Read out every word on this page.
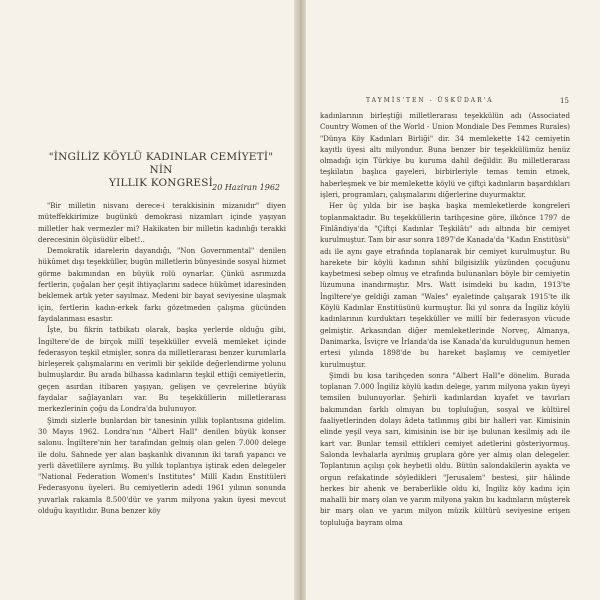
"İNGİLİZ KÖYLÜ KADINLAR CEMİYETİ" NİN
YILLIK KONGRESİ 20 Haziran 1962

"Bir milletin nisvanı derece-i terakkisinin mizanıdır" diyen müteffekkirimize bugünkü demokrasi nizamları içinde yaşıyan milletler hak vermezler mi? Hakikaten bir milletin kadınlığı terakki derecesinin ölçüsüdür elbet!..

Demokratik idarelerin dayandığı, "Non Governmental" denilen hükûmet dışı teşekküller, bugün milletlerin bünyesinde sosyal hizmet görme bakımından en büyük rolü oynarlar. Çünkü asrımızda fertlerin, çoğalan her çeşit ihtiyaçlarını sadece hükûmet idaresinden beklemek artık yeter sayılmaz. Medeni bir bayat seviyesine ulaşmak için, fertlerin kadın-erkek farkı gözetmeden çalışma gücünden faydalanması esastır.

İşte, bu fikrin tatbikatı olarak, başka yerlerde olduğu gibi, İngiltere'de de birçok millî teşekküller evvelâ memleket içinde federasyon teşkil etmişler, sonra da milletlerarası benzer kurumlarla birleşerek çalışmalarını en verimli bir şekilde değerlendirme yolunu bulmuşlardır. Bu arada bilhassa kadınların teşkil ettiği cemiyetlerin, geçen asırdan itibaren yaşıyan, gelişen ve çevrelerine büyük faydalar sağlayanları var. Bu teşekküllerin milletlerarası merkezlerinin çoğu da Londra'da bulunuyor.

Şimdi sizlerle bunlardan bir tanesinin yıllık toplantısına gidelim. 30 Mayıs 1962. Londra'nın "Albert Hall" denilen büyük konser salonu. İngiltere'nin her tarafından gelmiş olan gelen 7.000 delege ile dolu. Sahnede yer alan başkanlık divanının iki tarafı yapancı ve yerli dâvetlilere ayrılmış. Bu yıllık toplantıya iştirak eden delegeler "National Federation Women's Institutes" Millî Kadın Enstitüleri Federasyonu üyeleri. Bu cemiyetlerin adedi 1961 yılının sonunda yuvarlak rakamla 8.500'dür ve yarım milyona yakın üyesi mevcut olduğu kayıtlıdır. Buna benzer köy

TAYMİS'TEN - ÜSKÜDAR'A	15

kadınlarının birleştiği milletlerarası teşekkülün adı (Associated Country Women of the World - Union Mondiale Des Femmes Rurales) "Dünya Köy Kadınları Birliği" dir. 34 memlekette 142 cemiyetin kayıtlı üyesi altı milyondur. Buna benzer bir teşekkülümüz henüz olmadığı için Türkiye bu kuruma dahil değildir. Bu milletlerarası teşkilatın başlıca gayeleri, birbirleriyle temas temin etmek, haberleşmek ve bir memlekette köylü ve çiftçi kadınların başardıkları işleri, programları, çalışmalarını diğerlerine duyurmaktır.

Her üç yılda bir ise başka başka memleketlerde kongreleri toplanmaktadır. Bu teşekküllerin tarihçesine göre, ilkönce 1797 de Finlândiya'da "Çiftçi Kadınlar Teşkilâtı" adı altında bir cemiyet kurulmuştur. Tam bir asır sonra 1897'de Kanada'da "Kadın Enstitüsü" adı ile aynı gaye etrafında toplanarak bir cemiyet kurulmuştur. Bu harekete bir köylü kadının sıhhî bilgisizlik yüzünden çocuğunu kaybetmesi sebep olmuş ve etrafında bulunanları böyle bir cemiyetin lüzumuna inandırmıştır. Mrs. Watt isimdeki bu kadın, 1913'te İngiltere'ye geldiği zaman "Wales" eyaletinde çalışarak 1915'te ilk Köylü Kadınlar Enstitüsünü kurmuştur. İki yıl sonra da İngiliz köylü kadınlarının kurduktarı teşekküller ve millî bir federasyon vücude gelmiştir. Arkasından diğer memleketlerinde Norveç, Almanya, Danimarka, İsviçre ve İrlanda'da ise Kanada'da kuruldugunun hemen ertesi yılında 1898'de bu hareket başlamış ve cemiyetler kurulmuştur.

Şimdi bu kısa tarihçeden sonra "Albert Hall"e dönelim. Burada toplanan 7.000 İngiliz köylü kadın delege, yarım milyona yakın üyeyi temsilen bulunuyorlar. Şehirli kadınlardan kıyafet ve tavırları bakımından farklı olmıyan bu topluluğun, sosyal ve kültürel faaliyetlerinden dolayı âdeta tatlınmış gibi bir halleri var. Kimisinin elinde yeşil veya sarı, kimisinin ise bir işe bulunan kesilmiş adı ile kart var. Bunlar temsil ettikleri cemiyet adetlerini gösteriyormuş. Salonda levhalarla ayrılmış gruplara göre yer almış olan delegeler. Toplantının açılışı çok heybetli oldu. Bütün salondakilerin ayakta ve orgun refakatinde söyledikleri "Jerusalem" bestesi, şiir hâlinde herkes bir ahenk ve beraberlikle oldu ki, İngiliz köy kadını için mahalli bir marş olan ve yarım milyona yakın bu kadınların müşterek bir marş olan ve yarım milyon müzik kültürü seviyesine erişen topluluğa bayram olma
